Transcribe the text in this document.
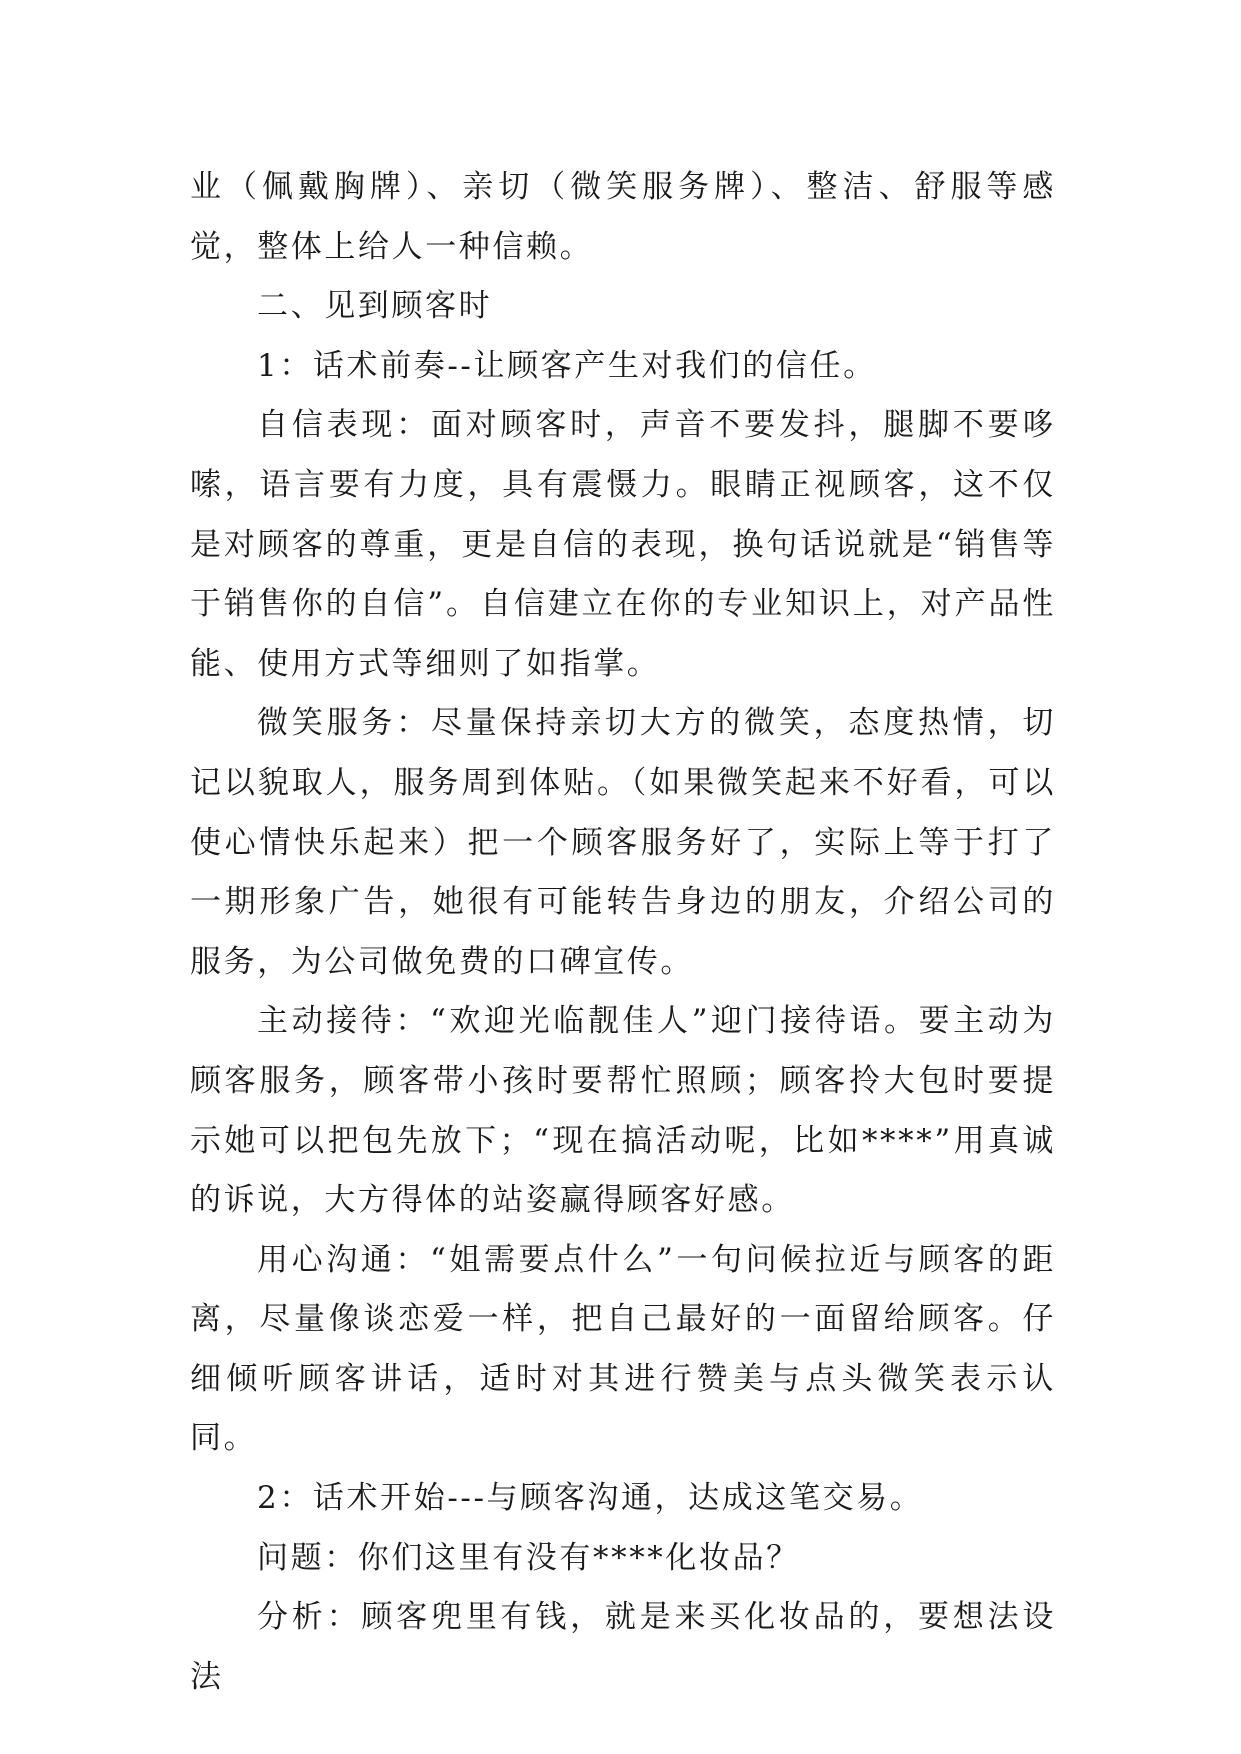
业（佩戴胸牌）、亲切（微笑服务牌）、整洁、舒服等感觉，整体上给人一种信赖。

二、见到顾客时

1：话术前奏--让顾客产生对我们的信任。

自信表现：面对顾客时，声音不要发抖，腿脚不要哆嗦，语言要有力度，具有震慑力。眼睛正视顾客，这不仅是对顾客的尊重，更是自信的表现，换句话说就是“销售等于销售你的自信”。自信建立在你的专业知识上，对产品性能、使用方式等细则了如指掌。

微笑服务：尽量保持亲切大方的微笑，态度热情，切记以貌取人，服务周到体贴。（如果微笑起来不好看，可以使心情快乐起来）把一个顾客服务好了，实际上等于打了一期形象广告，她很有可能转告身边的朋友，介绍公司的服务，为公司做免费的口碑宣传。

主动接待：“欢迎光临靓佳人”迎门接待语。要主动为顾客服务，顾客带小孩时要帮忙照顾；顾客拎大包时要提示她可以把包先放下；“现在搞活动呢，比如****”用真诚的诉说，大方得体的站姿赢得顾客好感。

用心沟通：“姐需要点什么”一句问候拉近与顾客的距离，尽量像谈恋爱一样，把自己最好的一面留给顾客。仔细倾听顾客讲话，适时对其进行赞美与点头微笑表示认同。

2：话术开始---与顾客沟通，达成这笔交易。

问题：你们这里有没有****化妆品？

分析：顾客兜里有钱，就是来买化妆品的，要想法设法
